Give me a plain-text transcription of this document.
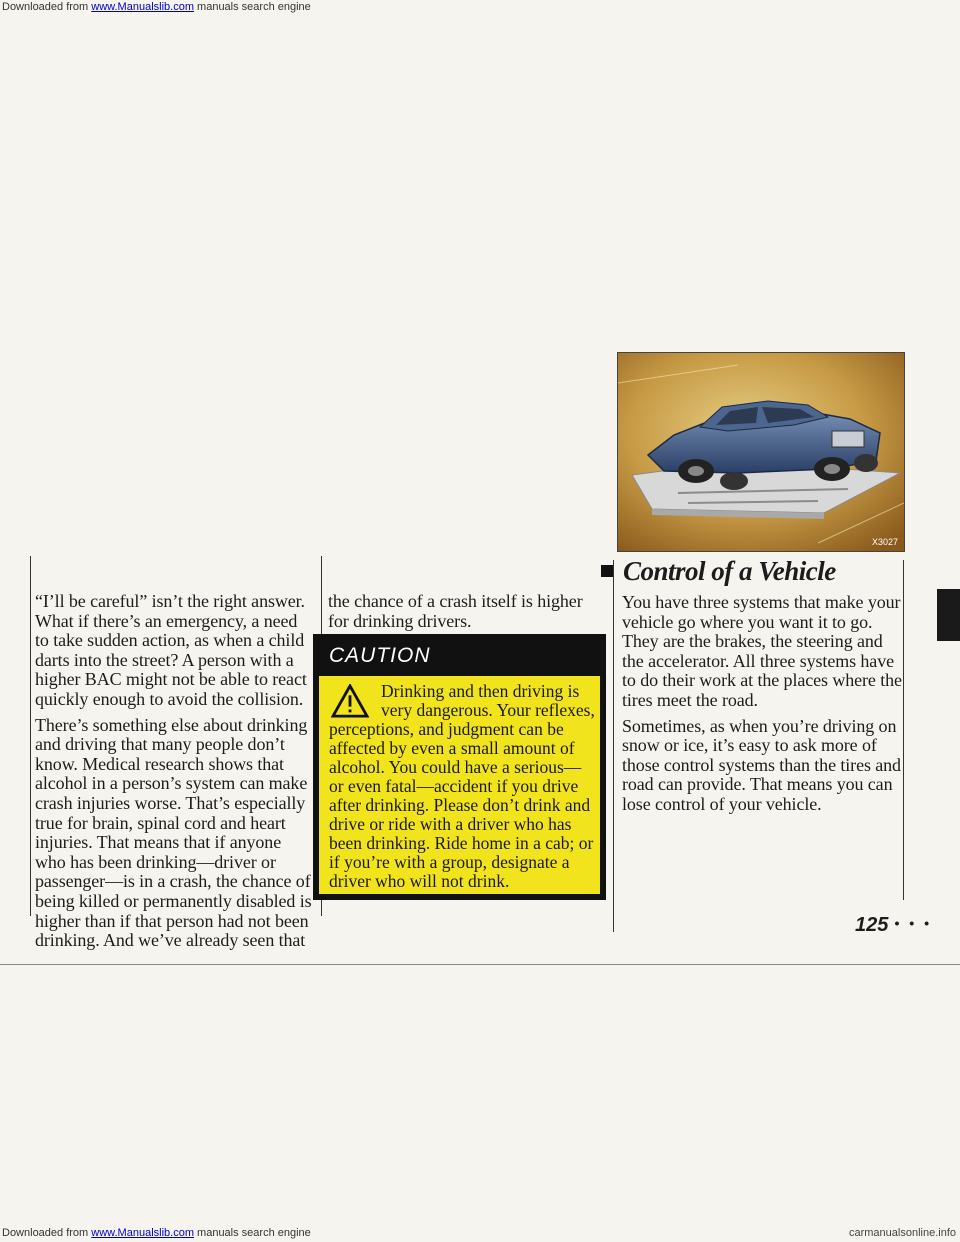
Downloaded from www.Manualslib.com manuals search engine

“I’ll be careful” isn’t the right answer. What if there’s an emergency, a need to take sudden action, as when a child darts into the street? A person with a higher BAC might not be able to react quickly enough to avoid the collision.

There’s something else about drinking and driving that many people don’t know. Medical research shows that alcohol in a person’s system can make crash injuries worse. That’s especially true for brain, spinal cord and heart injuries. That means that if anyone who has been drinking—driver or passenger—is in a crash, the chance of being killed or permanently disabled is higher than if that person had not been drinking. And we’ve already seen that

the chance of a crash itself is higher for drinking drivers.

CAUTION
Drinking and then driving is very dangerous. Your reflexes, perceptions, and judgment can be affected by even a small amount of alcohol. You could have a serious—or even fatal—accident if you drive after drinking. Please don’t drink and drive or ride with a driver who has been drinking. Ride home in a cab; or if you’re with a group, designate a driver who will not drink.
X3027
Control of a Vehicle

You have three systems that make your vehicle go where you want it to go. They are the brakes, the steering and the accelerator. All three systems have to do their work at the places where the tires meet the road.

Sometimes, as when you’re driving on snow or ice, it’s easy to ask more of those control systems than the tires and road can provide. That means you can lose control of your vehicle.

125 • • •
Downloaded from www.Manualslib.com manuals search engine	carmanualsonline.info
